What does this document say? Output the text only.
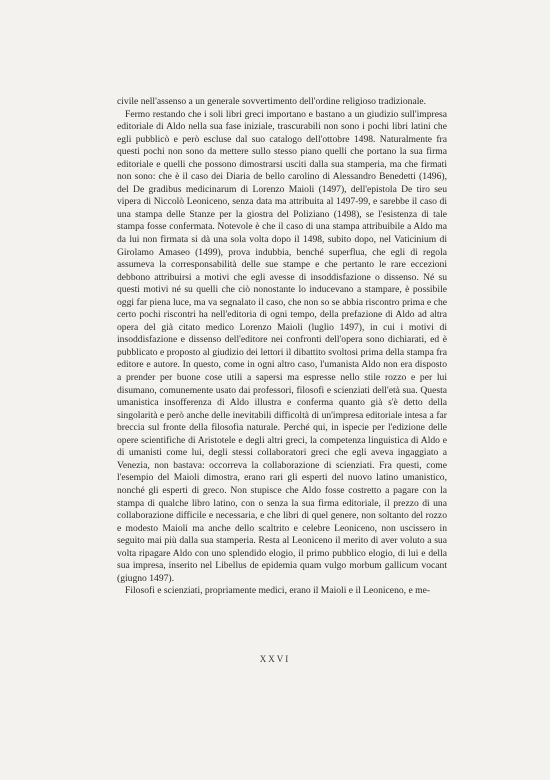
civile nell'assenso a un generale sovvertimento dell'ordine religioso tradizionale.

Fermo restando che i soli libri greci importano e bastano a un giudizio sull'impresa editoriale di Aldo nella sua fase iniziale, trascurabili non sono i pochi libri latini che egli pubblicò e però escluse dal suo catalogo dell'ottobre 1498. Naturalmente fra questi pochi non sono da mettere sullo stesso piano quelli che portano la sua firma editoriale e quelli che possono dimostrarsi usciti dalla sua stamperia, ma che firmati non sono: che è il caso dei Diaria de bello carolino di Alessandro Benedetti (1496), del De gradibus medicinarum di Lorenzo Maioli (1497), dell'epistola De tiro seu vipera di Niccolò Leoniceno, senza data ma attribuita al 1497-99, e sarebbe il caso di una stampa delle Stanze per la giostra del Poliziano (1498), se l'esistenza di tale stampa fosse confermata. Notevole è che il caso di una stampa attribuibile a Aldo ma da lui non firmata si dà una sola volta dopo il 1498, subito dopo, nel Vaticinium di Girolamo Amaseo (1499), prova indubbia, benché superflua, che egli di regola assumeva la corresponsabilità delle sue stampe e che pertanto le rare eccezioni debbono attribuirsi a motivi che egli avesse di insoddisfazione o dissenso. Né su questi motivi né su quelli che ciò nonostante lo inducevano a stampare, è possibile oggi far piena luce, ma va segnalato il caso, che non so se abbia riscontro prima e che certo pochi riscontri ha nell'editoria di ogni tempo, della prefazione di Aldo ad altra opera del già citato medico Lorenzo Maioli (luglio 1497), in cui i motivi di insoddisfazione e dissenso dell'editore nei confronti dell'opera sono dichiarati, ed è pubblicato e proposto al giudizio dei lettori il dibattito svoltosi prima della stampa fra editore e autore. In questo, come in ogni altro caso, l'umanista Aldo non era disposto a prender per buone cose utili a sapersi ma espresse nello stile rozzo e per lui disumano, comunemente usato dai professori, filosofi e scienziati dell'età sua. Questa umanistica insofferenza di Aldo illustra e conferma quanto già s'è detto della singolarità e però anche delle inevitabili difficoltà di un'impresa editoriale intesa a far breccia sul fronte della filosofia naturale. Perché qui, in ispecie per l'edizione delle opere scientifiche di Aristotele e degli altri greci, la competenza linguistica di Aldo e di umanisti come lui, degli stessi collaboratori greci che egli aveva ingaggiato a Venezia, non bastava: occorreva la collaborazione di scienziati. Fra questi, come l'esempio del Maioli dimostra, erano rari gli esperti del nuovo latino umanistico, nonché gli esperti di greco. Non stupisce che Aldo fosse costretto a pagare con la stampa di qualche libro latino, con o senza la sua firma editoriale, il prezzo di una collaborazione difficile e necessaria, e che libri di quel genere, non soltanto del rozzo e modesto Maioli ma anche dello scaltrito e celebre Leoniceno, non uscissero in seguito mai più dalla sua stamperia. Resta al Leoniceno il merito di aver voluto a sua volta ripagare Aldo con uno splendido elogio, il primo pubblico elogio, di lui e della sua impresa, inserito nel Libellus de epidemia quam vulgo morbum gallicum vocant (giugno 1497).

Filosofi e scienziati, propriamente medici, erano il Maioli e il Leoniceno, e me-

XXVI
